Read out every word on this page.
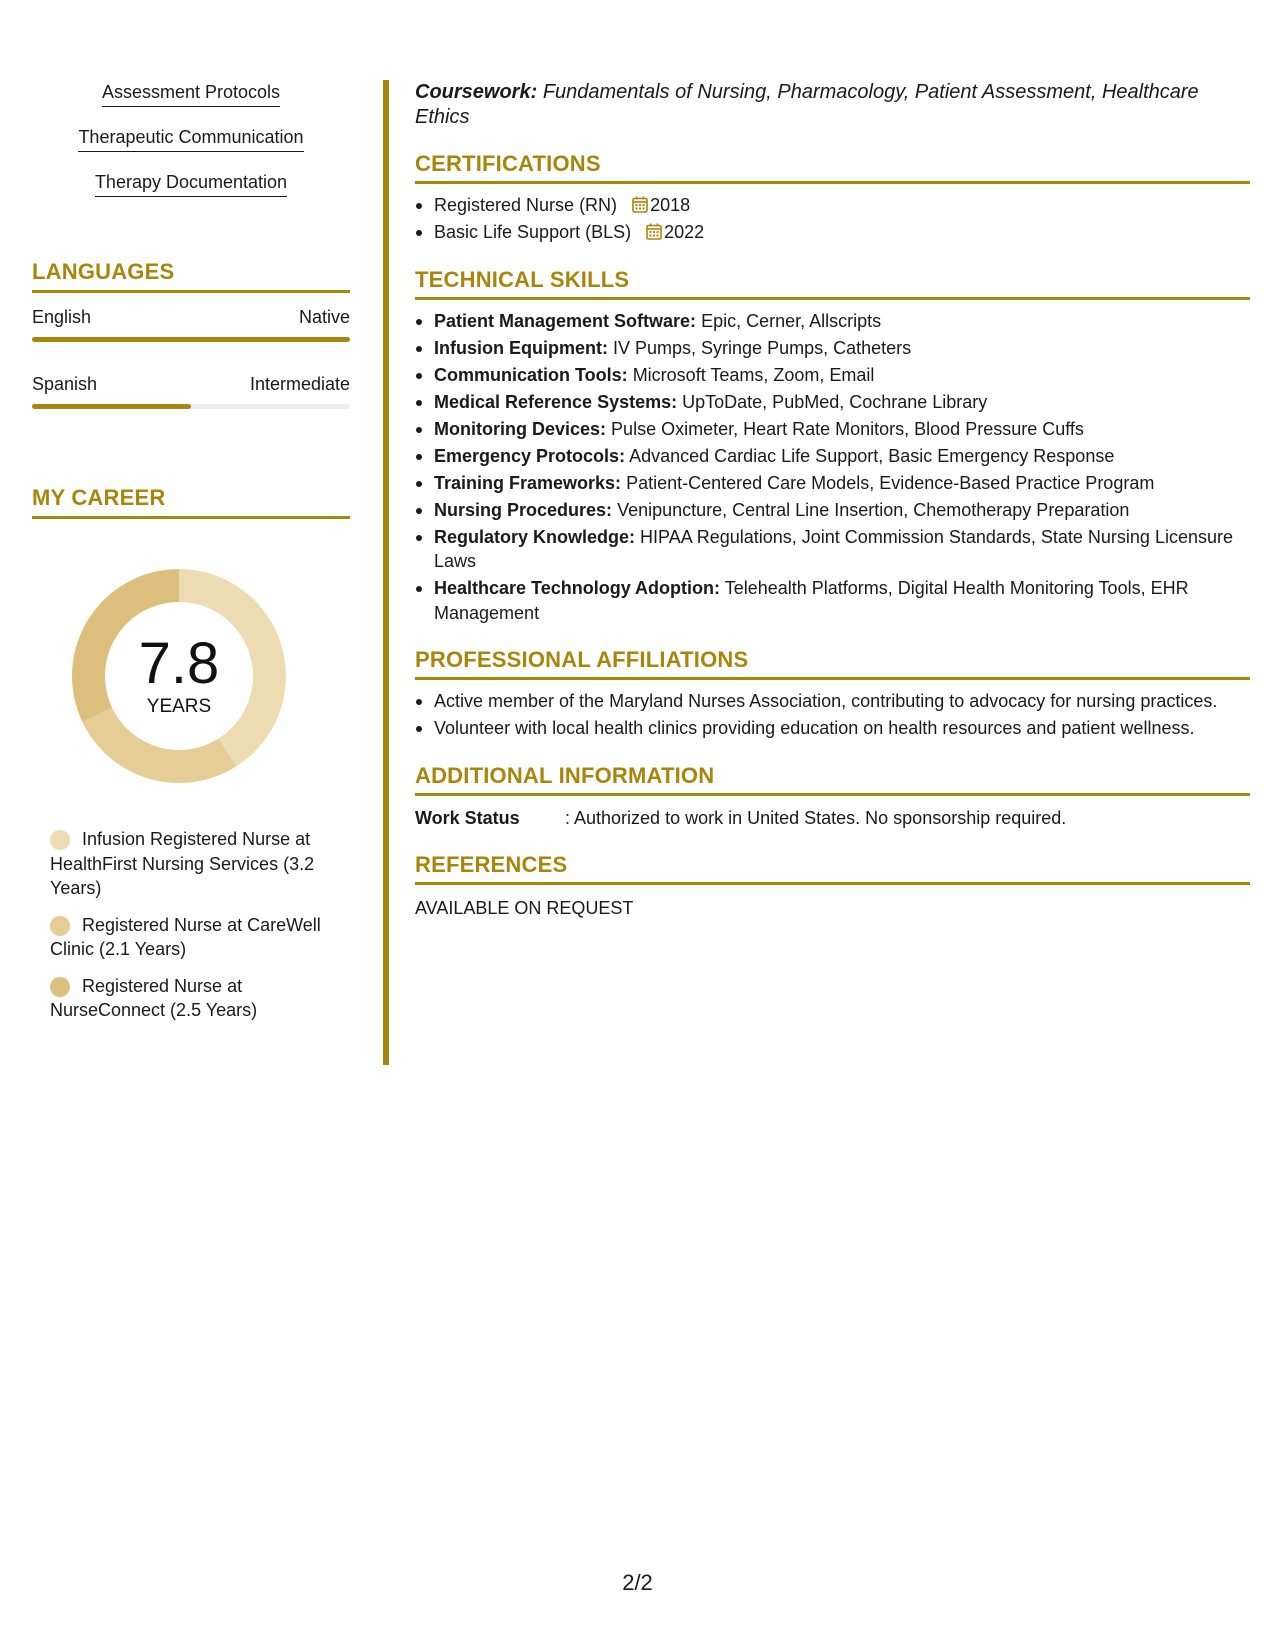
Assessment Protocols
Therapeutic Communication
Therapy Documentation
LANGUAGES
English	Native
Spanish	Intermediate
MY CAREER
7.8
YEARS
Infusion Registered Nurse at HealthFirst Nursing Services (3.2 Years)
Registered Nurse at CareWell Clinic (2.1 Years)
Registered Nurse at NurseConnect (2.5 Years)
Coursework: Fundamentals of Nursing, Pharmacology, Patient Assessment, Healthcare Ethics
CERTIFICATIONS
Registered Nurse (RN) 2018
Basic Life Support (BLS) 2022
TECHNICAL SKILLS
Patient Management Software: Epic, Cerner, Allscripts
Infusion Equipment: IV Pumps, Syringe Pumps, Catheters
Communication Tools: Microsoft Teams, Zoom, Email
Medical Reference Systems: UpToDate, PubMed, Cochrane Library
Monitoring Devices: Pulse Oximeter, Heart Rate Monitors, Blood Pressure Cuffs
Emergency Protocols: Advanced Cardiac Life Support, Basic Emergency Response
Training Frameworks: Patient-Centered Care Models, Evidence-Based Practice Program
Nursing Procedures: Venipuncture, Central Line Insertion, Chemotherapy Preparation
Regulatory Knowledge: HIPAA Regulations, Joint Commission Standards, State Nursing Licensure Laws
Healthcare Technology Adoption: Telehealth Platforms, Digital Health Monitoring Tools, EHR Management
PROFESSIONAL AFFILIATIONS
Active member of the Maryland Nurses Association, contributing to advocacy for nursing practices.
Volunteer with local health clinics providing education on health resources and patient wellness.
ADDITIONAL INFORMATION
Work Status	: Authorized to work in United States. No sponsorship required.
REFERENCES
AVAILABLE ON REQUEST
2/2
